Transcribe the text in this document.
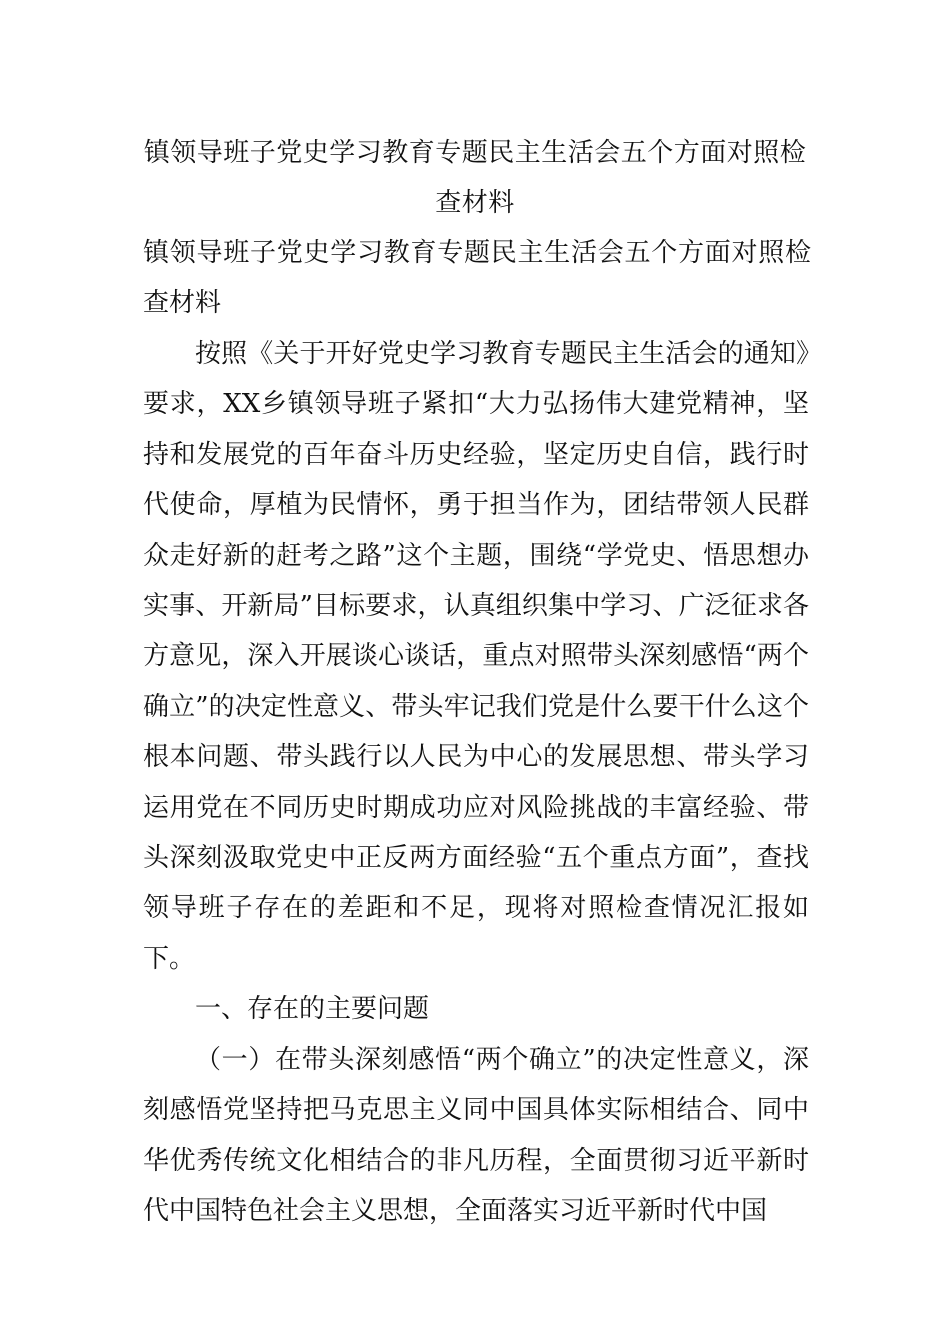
镇领导班子党史学习教育专题民主生活会五个方面对照检查材料
镇领导班子党史学习教育专题民主生活会五个方面对照检查材料

按照《关于开好党史学习教育专题民主生活会的通知》要求，XX乡镇领导班子紧扣“大力弘扬伟大建党精神，坚持和发展党的百年奋斗历史经验，坚定历史自信，践行时代使命，厚植为民情怀，勇于担当作为，团结带领人民群众走好新的赶考之路”这个主题，围绕“学党史、悟思想办实事、开新局”目标要求，认真组织集中学习、广泛征求各方意见，深入开展谈心谈话，重点对照带头深刻感悟“两个确立”的决定性意义、带头牢记我们党是什么要干什么这个根本问题、带头践行以人民为中心的发展思想、带头学习运用党在不同历史时期成功应对风险挑战的丰富经验、带头深刻汲取党史中正反两方面经验“五个重点方面”，查找领导班子存在的差距和不足，现将对照检查情况汇报如下。

一、存在的主要问题

（一）在带头深刻感悟“两个确立”的决定性意义，深刻感悟党坚持把马克思主义同中国具体实际相结合、同中华优秀传统文化相结合的非凡历程，全面贯彻习近平新时代中国特色社会主义思想，全面落实习近平新时代中国
